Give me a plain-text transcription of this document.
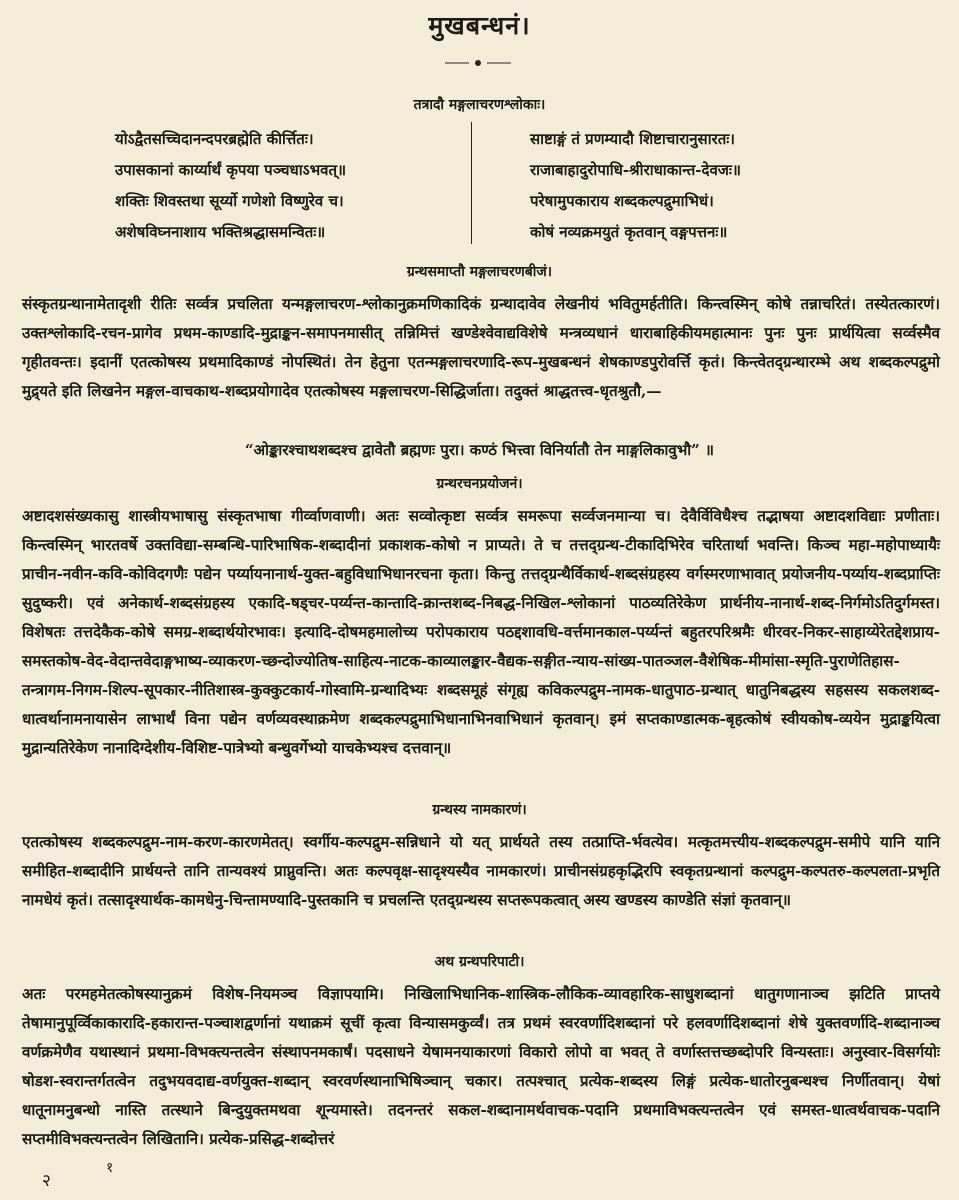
मुखबन्धनं।
तत्रादौ मङ्गलाचरणश्लोकाः।
योऽद्वैतसच्चिदानन्दपरब्रह्मेति कीर्त्तितः।
उपासकानां कार्य्यार्थं कृपया पञ्चधाऽभवत्॥
शक्तिः शिवस्तथा सूर्य्यो गणेशो विष्णुरेव च।
अशेषविघ्ननाशाय भक्तिश्रद्धासमन्वितः॥
साष्टाङ्गं तं प्रणम्यादौ शिष्टाचारानुसारतः।
राजाबाहादुरोपाधि-श्रीराधाकान्त-देवजः॥
परेषामुपकाराय शब्दकल्पद्रुमाभिधं।
कोषं नव्यक्रमयुतं कृतवान् वङ्गपत्तनः॥
ग्रन्थसमाप्तौ मङ्गलाचरणबीजं।
संस्कृतग्रन्थानामेतादृशी रीतिः सर्व्वत्र प्रचलिता यन्मङ्गलाचरण-श्लोकानुक्रमणिकादिकं ग्रन्थादावेव लेखनीयं भवितुमर्हतीति। किन्त्वस्मिन् कोषे तन्नाचरितं। तस्येतत्कारणं। उक्तश्लोकादि-रचन-प्रागेव प्रथम-काण्डादि-मुद्राङ्कन-समापनमासीत् तन्निमित्तं खण्डेश्वेवाद्यविशेषे मन्त्रव्यधानं धाराबाहिकीयमहात्मानः पुनः पुनः प्रार्थयित्वा सर्व्वस्मैव गृहीतवन्तः। इदानीं एतत्कोषस्य प्रथमादिकाण्डं नोपस्थितं। तेन हेतुना एतन्मङ्गलाचरणादि-रूप-मुखबन्धनं शेषकाण्डपुरोवर्त्ति कृतं। किन्त्वेतद्ग्रन्थारम्भे अथ शब्दकल्पद्रुमो मुद्र्यते इति लिखनेन मङ्गल-वाचकाथ-शब्दप्रयोगादेव एतत्कोषस्य मङ्गलाचरण-सिद्धिर्जाता। तदुक्तं श्राद्धतत्त्व-धृतश्रुतौ,—
“ओङ्कारश्चाथशब्दश्च द्वावेतौ ब्रह्मणः पुरा। कण्ठं भित्त्वा विनिर्यातौ तेन माङ्गलिकावुभौ” ॥
ग्रन्थरचनप्रयोजनं।
अष्टादशसंख्यकासु शास्त्रीयभाषासु संस्कृतभाषा गीर्व्वाणवाणी। अतः सव्वोत्कृष्टा सर्व्वत्र समरूपा सर्व्वजनमान्या च। देवैर्विविधैश्च तद्भाषया अष्टादशविद्याः प्रणीताः। किन्त्वस्मिन् भारतवर्षे उक्तविद्या-सम्बन्धि-पारिभाषिक-शब्दादीनां प्रकाशक-कोषो न प्राप्यते। ते च तत्तद्ग्रन्थ-टीकादिभिरेव चरितार्था भवन्ति। किञ्च महा-महोपाध्यायैः प्राचीन-नवीन-कवि-कोविदगणैः पद्येन पर्य्यायनानार्थ-युक्त-बहुविधाभिधानरचना कृता। किन्तु तत्तद्ग्रन्थैर्विकार्थ-शब्दसंग्रहस्य वर्गस्मरणाभावात् प्रयोजनीय-पर्य्याय-शब्दप्राप्तिः सुदुष्करी। एवं अनेकार्थ-शब्दसंग्रहस्य एकादि-षड्चर-पर्य्यन्त-कान्तादि-क्रान्तशब्द-निबद्ध-निखिल-श्लोकानां पाठव्यतिरेकेण प्रार्थनीय-नानार्थ-शब्द-निर्गमोऽतिदुर्गमस्त। विशेषतः तत्तदेकैक-कोषे समग्र-शब्दार्थयोरभावः। इत्यादि-दोषमहमालोच्य परोपकाराय पठद्दशावधि-वर्त्तमानकाल-पर्य्यन्तं बहुतरपरिश्रमैः धीरवर-निकर-साहाय्येरेतद्देशप्राय-समस्तकोष-वेद-वेदान्तवेदाङ्गभाष्य-व्याकरण-च्छन्दोज्योतिष-साहित्य-नाटक-काव्यालङ्कार-वैद्यक-सङ्गीत-न्याय-सांख्य-पातञ्जल-वैशेषिक-मीमांसा-स्मृति-पुराणेतिहास-तन्त्रागम-निगम-शिल्प-सूपकार-नीतिशास्त्र-कुक्कुटकार्य-गोस्वामि-ग्रन्थादिभ्यः शब्दसमूहं संगृह्य कविकल्पद्रुम-नामक-धातुपाठ-ग्रन्थात् धातुनिबद्धस्य सहसस्य सकलशब्द-धात्वर्थानामनायासेन लाभार्थं विना पद्येन वर्णव्यवस्थाक्रमेण शब्दकल्पद्रुमाभिधानाभिनवाभिधानं कृतवान्। इमं सप्तकाण्डात्मक-बृहत्कोषं स्वीयकोष-व्ययेन मुद्राङ्कयित्वा मुद्रान्यतिरेकेण नानादिग्देशीय-विशिष्ट-पात्रेभ्यो बन्धुवर्गेभ्यो याचकेभ्यश्च दत्तवान्॥
ग्रन्थस्य नामकारणं।
एतत्कोषस्य शब्दकल्पद्रुम-नाम-करण-कारणमेतत्। स्वर्गीय-कल्पद्रुम-सन्निधाने यो यत् प्रार्थयते तस्य तत्प्राप्ति-र्भवत्येव। मत्कृतमत्त्यीय-शब्दकल्पद्रुम-समीपे यानि यानि समीहित-शब्दादीनि प्रार्थयन्ते तानि तान्यवश्यं प्राप्नुवन्ति। अतः कल्पवृक्ष-सादृश्यस्यैव नामकारणं। प्राचीनसंग्रहकृद्भिरपि स्वकृतग्रन्थानां कल्पद्रुम-कल्पतरु-कल्पलता-प्रभृति नामधेयं कृतं। तत्सादृश्यार्थक-कामधेनु-चिन्तामण्यादि-पुस्तकानि च प्रचलन्ति एतद्ग्रन्थस्य सप्तरूपकत्वात् अस्य खण्डस्य काण्डेति संज्ञां कृतवान्॥
अथ ग्रन्थपरिपाटी।
अतः परमहमेतत्कोषस्यानुक्रमं विशेष-नियमञ्च विज्ञापयामि। निखिलाभिधानिक-शास्त्रिक-लौकिक-व्यावहारिक-साधुशब्दानां धातुगणानाञ्च झटिति प्राप्तये तेषामानुपूर्व्विकाकारादि-हकारान्त-पञ्चाशद्वर्णानां यथाक्रमं सूचीं कृत्वा विन्यासमकुर्व्वं। तत्र प्रथमं स्वरवर्णादिशब्दानां परे हलवर्णादिशब्दानां शेषे युक्तवर्णादि-शब्दानाञ्च वर्णक्रमेणैव यथास्थानं प्रथमा-विभक्त्यन्तत्वेन संस्थापनमकार्षं। पदसाधने येषामनयाकारणां विकारो लोपो वा भवत् ते वर्णास्तत्तच्छब्दोपरि विन्यस्ताः। अनुस्वार-विसर्गयोः षोडश-स्वरान्तर्गतत्वेन तदुभयवदाद्य-वर्णयुक्त-शब्दान् स्वरवर्णस्थानाभिषिञ्चान् चकार। तत्पश्चात् प्रत्येक-शब्दस्य लिङ्गं प्रत्येक-धातोरनुबन्धश्च निर्णीतवान्। येषां धातूनामनुबन्धो नास्ति तत्स्थाने बिन्दुयुक्तमथवा शून्यमास्ते। तदनन्तरं सकल-शब्दानामर्थवाचक-पदानि प्रथमाविभक्त्यन्तत्वेन एवं समस्त-धात्वर्थवाचक-पदानि सप्तमीविभक्त्यन्तत्वेन लिखितानि। प्रत्येक-प्रसिद्ध-शब्दोत्तरं
२
१
